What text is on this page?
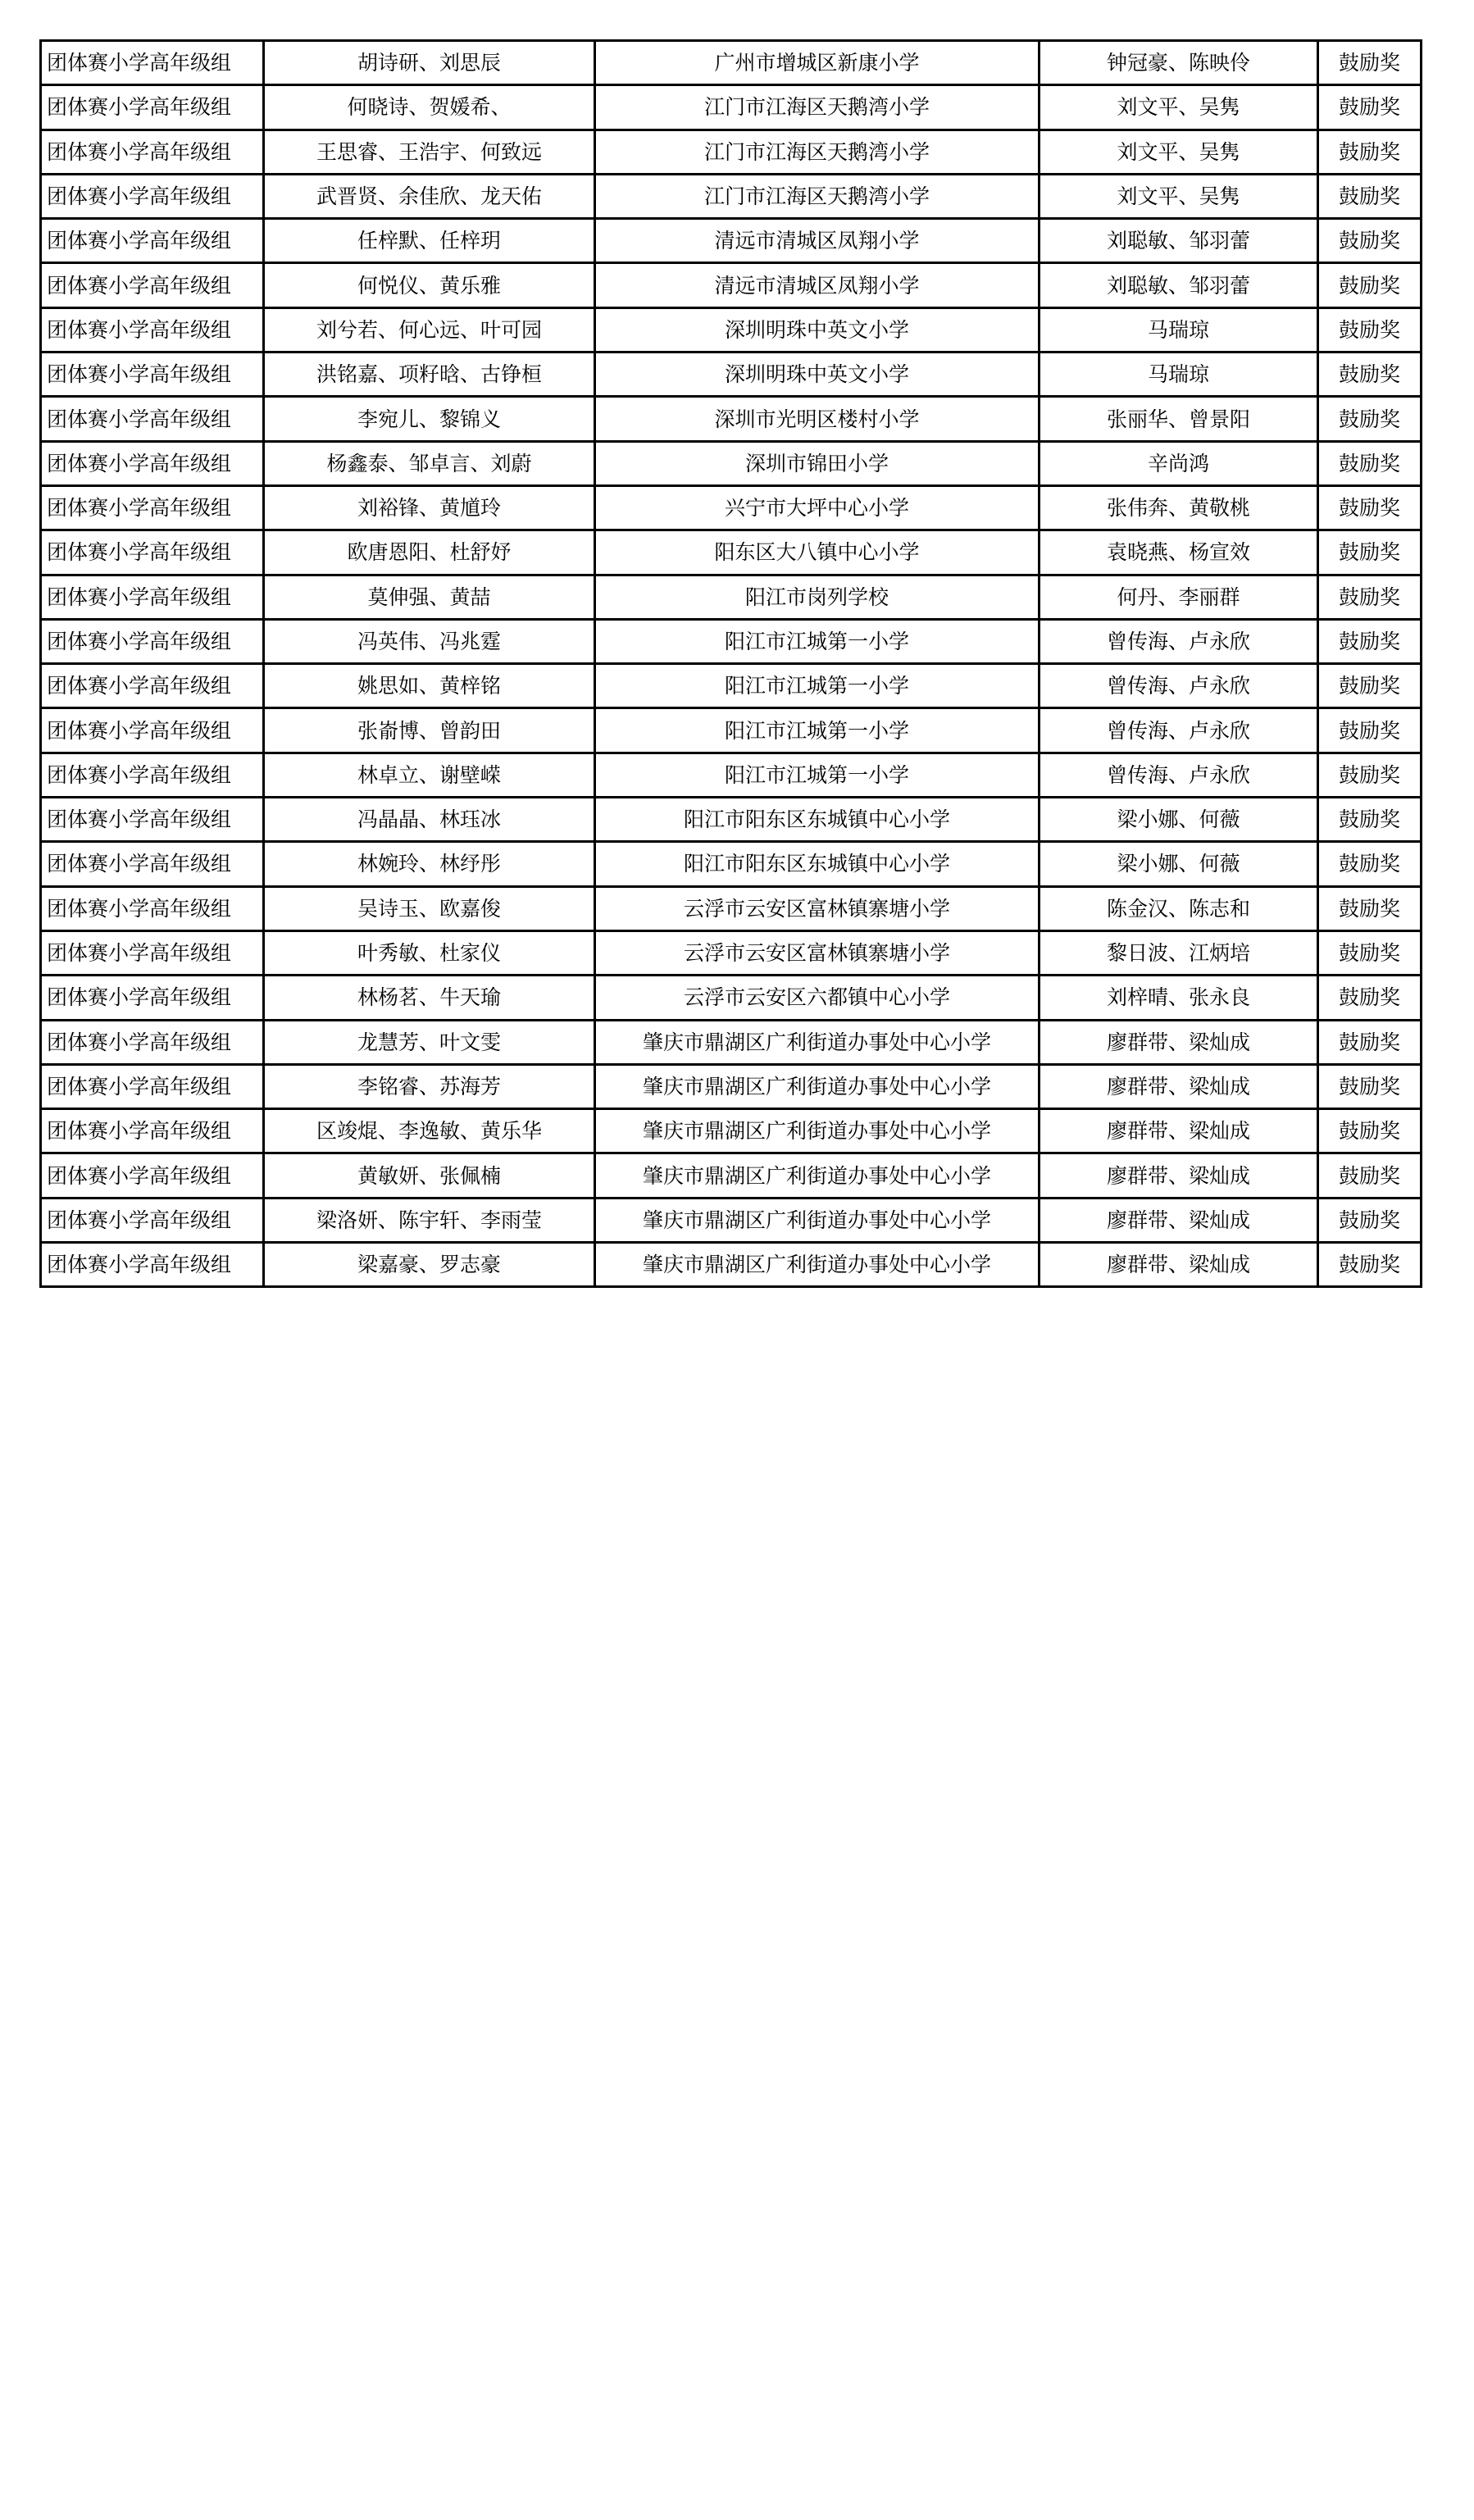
团体赛小学高年级组	胡诗研、刘思辰	广州市增城区新康小学	钟冠豪、陈映伶	鼓励奖
团体赛小学高年级组	何晓诗、贺媛希、	江门市江海区天鹅湾小学	刘文平、吴隽	鼓励奖
团体赛小学高年级组	王思睿、王浩宇、何致远	江门市江海区天鹅湾小学	刘文平、吴隽	鼓励奖
团体赛小学高年级组	武晋贤、余佳欣、龙天佑	江门市江海区天鹅湾小学	刘文平、吴隽	鼓励奖
团体赛小学高年级组	任梓默、任梓玥	清远市清城区凤翔小学	刘聪敏、邹羽蕾	鼓励奖
团体赛小学高年级组	何悦仪、黄乐雅	清远市清城区凤翔小学	刘聪敏、邹羽蕾	鼓励奖
团体赛小学高年级组	刘兮若、何心远、叶可园	深圳明珠中英文小学	马瑞琼	鼓励奖
团体赛小学高年级组	洪铭嘉、项籽晗、古铮桓	深圳明珠中英文小学	马瑞琼	鼓励奖
团体赛小学高年级组	李宛儿、黎锦义	深圳市光明区楼村小学	张丽华、曾景阳	鼓励奖
团体赛小学高年级组	杨鑫泰、邹卓言、刘蔚	深圳市锦田小学	辛尚鸿	鼓励奖
团体赛小学高年级组	刘裕锋、黄馗玲	兴宁市大坪中心小学	张伟奔、黄敬桃	鼓励奖
团体赛小学高年级组	欧唐恩阳、杜舒妤	阳东区大八镇中心小学	袁晓燕、杨宣效	鼓励奖
团体赛小学高年级组	莫伸强、黄喆	阳江市岗列学校	何丹、李丽群	鼓励奖
团体赛小学高年级组	冯英伟、冯兆霆	阳江市江城第一小学	曾传海、卢永欣	鼓励奖
团体赛小学高年级组	姚思如、黄梓铭	阳江市江城第一小学	曾传海、卢永欣	鼓励奖
团体赛小学高年级组	张嵛博、曾韵田	阳江市江城第一小学	曾传海、卢永欣	鼓励奖
团体赛小学高年级组	林卓立、谢壁嵘	阳江市江城第一小学	曾传海、卢永欣	鼓励奖
团体赛小学高年级组	冯晶晶、林珏冰	阳江市阳东区东城镇中心小学	梁小娜、何薇	鼓励奖
团体赛小学高年级组	林婉玲、林纾彤	阳江市阳东区东城镇中心小学	梁小娜、何薇	鼓励奖
团体赛小学高年级组	吴诗玉、欧嘉俊	云浮市云安区富林镇寨塘小学	陈金汉、陈志和	鼓励奖
团体赛小学高年级组	叶秀敏、杜家仪	云浮市云安区富林镇寨塘小学	黎日波、江炳培	鼓励奖
团体赛小学高年级组	林杨茗、牛天瑜	云浮市云安区六都镇中心小学	刘梓晴、张永良	鼓励奖
团体赛小学高年级组	龙慧芳、叶文雯	肇庆市鼎湖区广利街道办事处中心小学	廖群带、梁灿成	鼓励奖
团体赛小学高年级组	李铭睿、苏海芳	肇庆市鼎湖区广利街道办事处中心小学	廖群带、梁灿成	鼓励奖
团体赛小学高年级组	区竣焜、李逸敏、黄乐华	肇庆市鼎湖区广利街道办事处中心小学	廖群带、梁灿成	鼓励奖
团体赛小学高年级组	黄敏妍、张佩楠	肇庆市鼎湖区广利街道办事处中心小学	廖群带、梁灿成	鼓励奖
团体赛小学高年级组	梁洛妍、陈宇轩、李雨莹	肇庆市鼎湖区广利街道办事处中心小学	廖群带、梁灿成	鼓励奖
团体赛小学高年级组	梁嘉豪、罗志豪	肇庆市鼎湖区广利街道办事处中心小学	廖群带、梁灿成	鼓励奖
